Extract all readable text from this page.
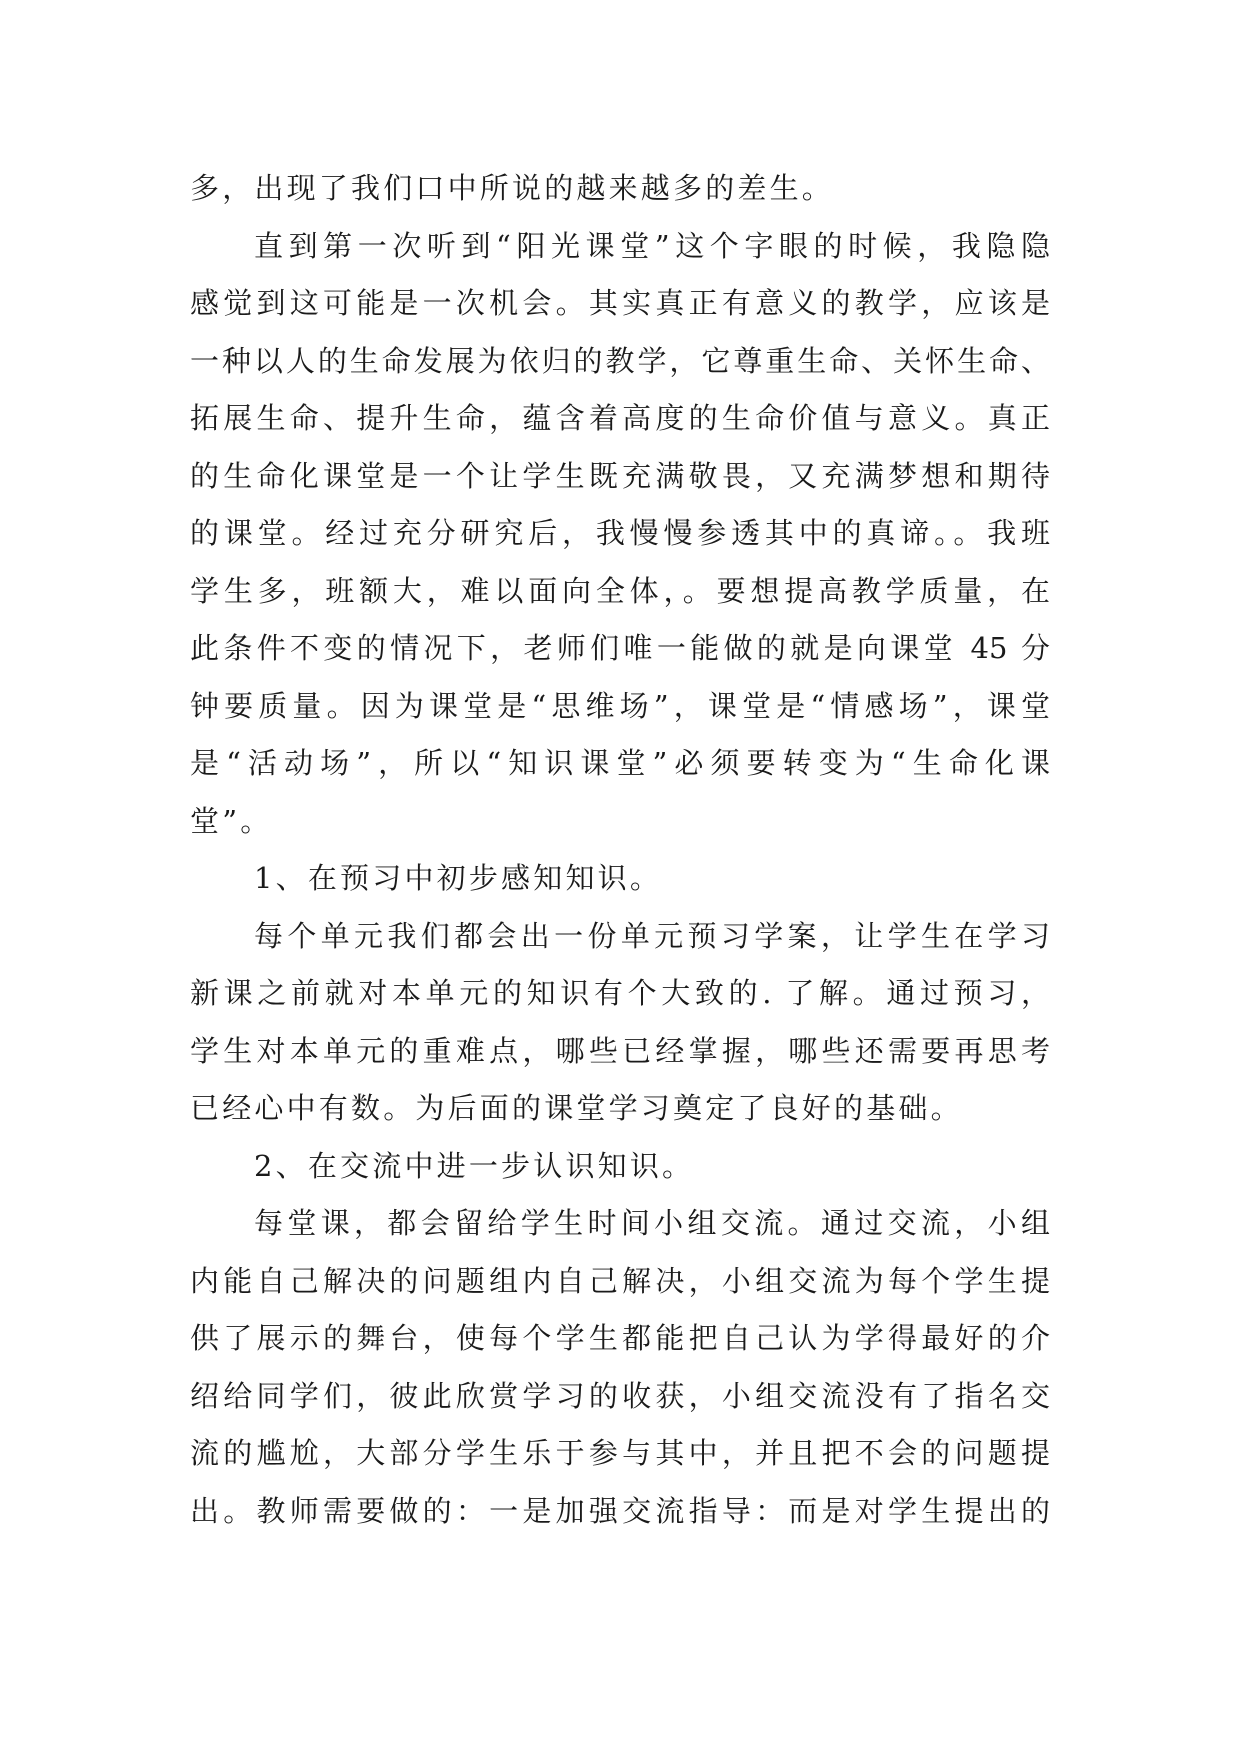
多，出现了我们口中所说的越来越多的差生。
直到第一次听到“阳光课堂”这个字眼的时候，我隐隐
感觉到这可能是一次机会。其实真正有意义的教学，应该是
一种以人的生命发展为依归的教学，它尊重生命、关怀生命、
拓展生命、提升生命，蕴含着高度的生命价值与意义。真正
的生命化课堂是一个让学生既充满敬畏，又充满梦想和期待
的课堂。经过充分研究后，我慢慢参透其中的真谛。。我班
学生多，班额大，难以面向全体，。要想提高教学质量，在
此条件不变的情况下，老师们唯一能做的就是向课堂 45 分
钟要质量。因为课堂是“思维场”，课堂是“情感场”，课堂
是“活动场”，所以“知识课堂”必须要转变为“生命化课
堂”。
1、在预习中初步感知知识。
每个单元我们都会出一份单元预习学案，让学生在学习
新课之前就对本单元的知识有个大致的. 了解。通过预习，
学生对本单元的重难点，哪些已经掌握，哪些还需要再思考
已经心中有数。为后面的课堂学习奠定了良好的基础。
2、在交流中进一步认识知识。
每堂课，都会留给学生时间小组交流。通过交流，小组
内能自己解决的问题组内自己解决，小组交流为每个学生提
供了展示的舞台，使每个学生都能把自己认为学得最好的介
绍给同学们，彼此欣赏学习的收获，小组交流没有了指名交
流的尴尬，大部分学生乐于参与其中，并且把不会的问题提
出。教师需要做的：一是加强交流指导：而是对学生提出的
